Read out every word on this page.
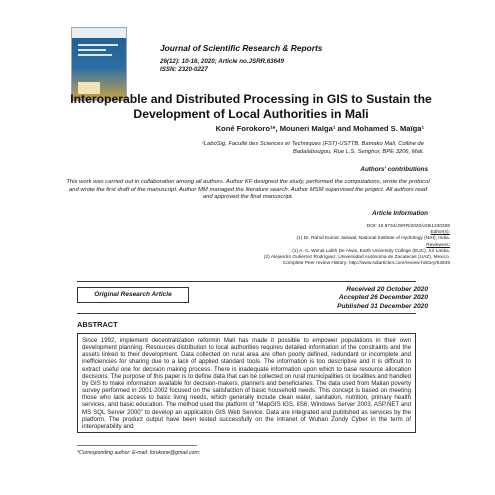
Journal of Scientific Research & Reports
26(12): 10-16, 2020; Article no.JSRR.63649
ISSN: 2320-0227
Interoperable and Distributed Processing in GIS to Sustain the Development of Local Authorities in Mali
Koné Forokoro¹*, Mouneri Maïga¹ and Mohamed S. Maïga¹
¹LaboSig, Faculté des Sciences et Techniques (FST)-USTTB, Bamako Mali. Colline de
Badalabougou, Rue L.S. Senghor, BPE 3206, Mali.
Authors' contributions
This work was carried out in collaboration among all authors. Author KF designed the study, performed the computations, wrote the protocol and wrote the first draft of the manuscript. Author MM managed the literature search. Author MSM supervised the project. All authors read and approved the final manuscript.
Article Information
DOI: 10.9734/JSRR/2020/v26i1230336
Editor(s):
(1) Dr. Rahul Kumar Jaiswal, National Institute of Hydrology (NIH), India.
Reviewers:
(1) A. C. Wimal Lalith De Alwis, Earth University College (EUC), Sri Lanka.
(2) Alejandro Gutiérrez Rodríguez, Universidad Autónoma de Zacatecas (UAZ), Mexico.
Complete Peer review History: http://www.sdiarticle4.com/review-history/63649
Original Research Article
Received 20 October 2020
Accepted 26 December 2020
Published 31 December 2020
ABSTRACT
Since 1992, implement decentralization reformin Mali has made it possible to empower populations in their own development planning. Resources distribution to local authorities requires detailed information of the constraints and the assets linked to their development. Data collected on rural area are often poorly defined, redundant or incomplete and inefficiencies for sharing due to a lack of applied standard tools. The information is too descriptive and it is difficult to extract useful one for decision making process. There is inadequate information upon which to base resource allocation decisions. The purpose of this paper is to define data that can be collected on rural municipalities or localities and handled by GIS to make information available for decision-makers, planners and beneficiaries. The data used from Malian poverty survey performed in 2001-2002 focused on the satisfaction of basic household needs. This concept is based on meeting those who lack access to basic living needs, which generally include clean water, sanitation, nutrition, primary health services, and basic education. The method used the platform of "MapGIS IGS, IIS6, Windows Server 2003, ASP.NET and MS SQL Server 2000" to develop an application GIS Web Service. Data are integrated and published as services by the platform. The product output have been tested successfully on the intranet of Wuhan Zondy Cyber in the term of interoperability and
*Corresponding author: E-mail: forokone@gmail.com;
